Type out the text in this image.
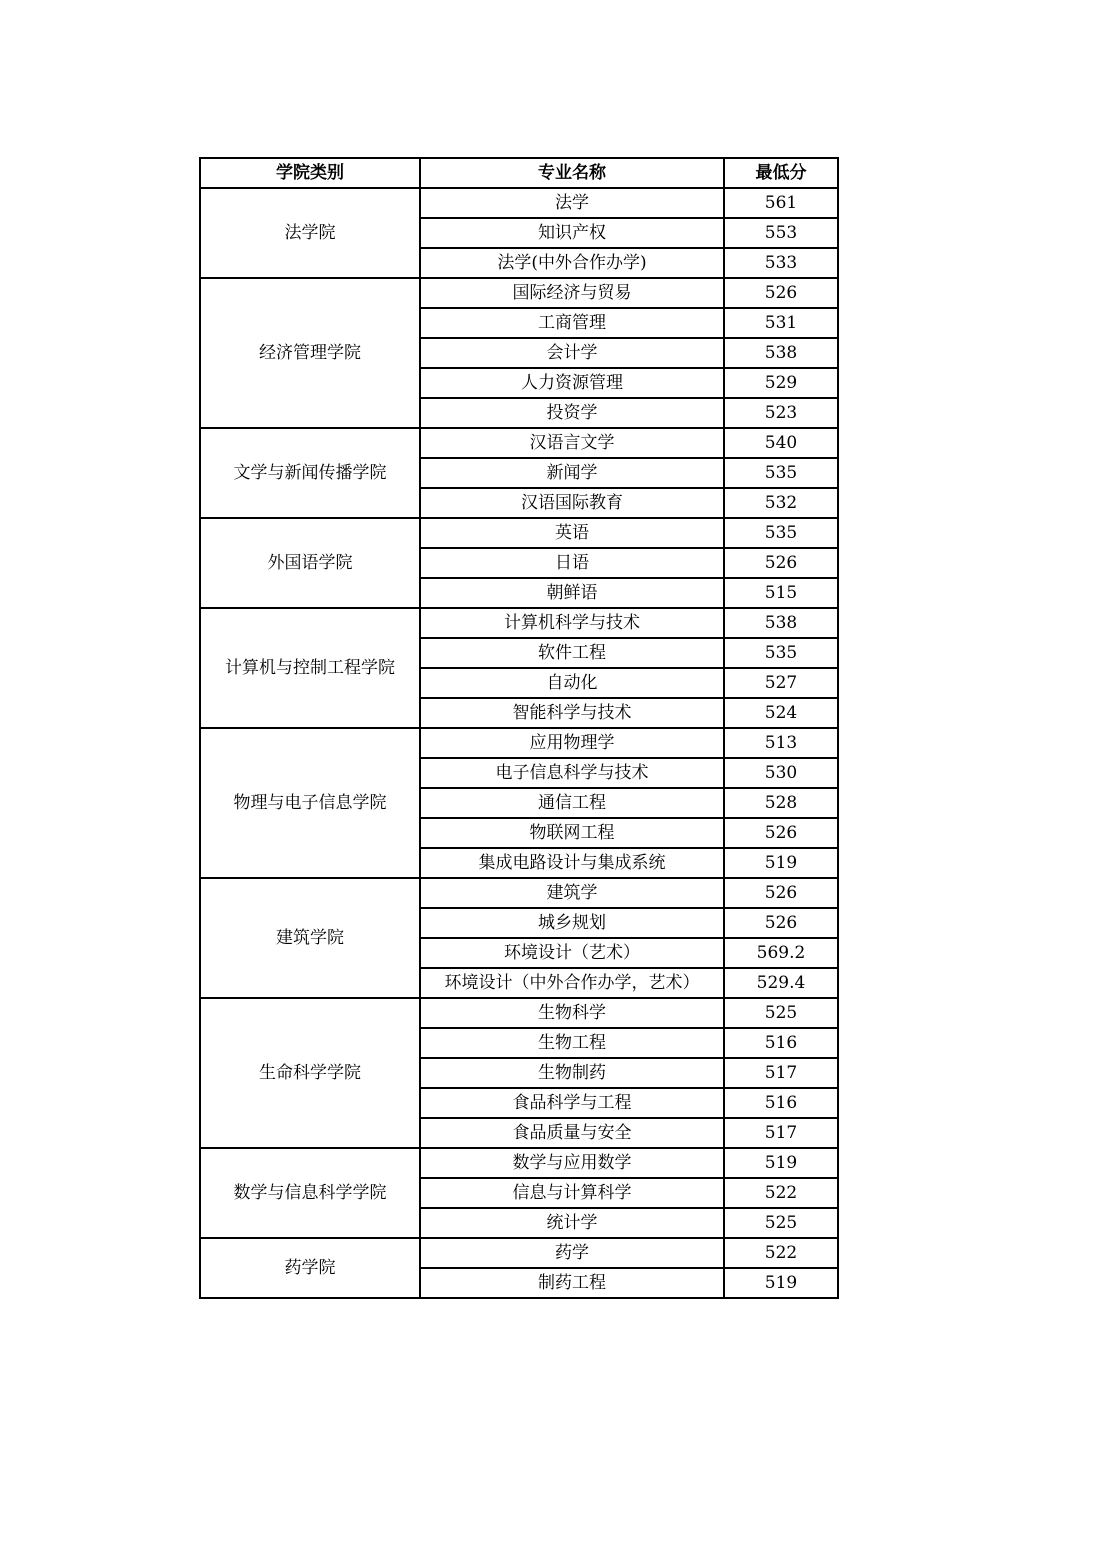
学院类别	专业名称	最低分
法学院	法学	561
	知识产权	553
	法学(中外合作办学)	533
经济管理学院	国际经济与贸易	526
	工商管理	531
	会计学	538
	人力资源管理	529
	投资学	523
文学与新闻传播学院	汉语言文学	540
	新闻学	535
	汉语国际教育	532
外国语学院	英语	535
	日语	526
	朝鲜语	515
计算机与控制工程学院	计算机科学与技术	538
	软件工程	535
	自动化	527
	智能科学与技术	524
物理与电子信息学院	应用物理学	513
	电子信息科学与技术	530
	通信工程	528
	物联网工程	526
	集成电路设计与集成系统	519
建筑学院	建筑学	526
	城乡规划	526
	环境设计（艺术）	569.2
	环境设计（中外合作办学，艺术）	529.4
生命科学学院	生物科学	525
	生物工程	516
	生物制药	517
	食品科学与工程	516
	食品质量与安全	517
数学与信息科学学院	数学与应用数学	519
	信息与计算科学	522
	统计学	525
药学院	药学	522
	制药工程	519
